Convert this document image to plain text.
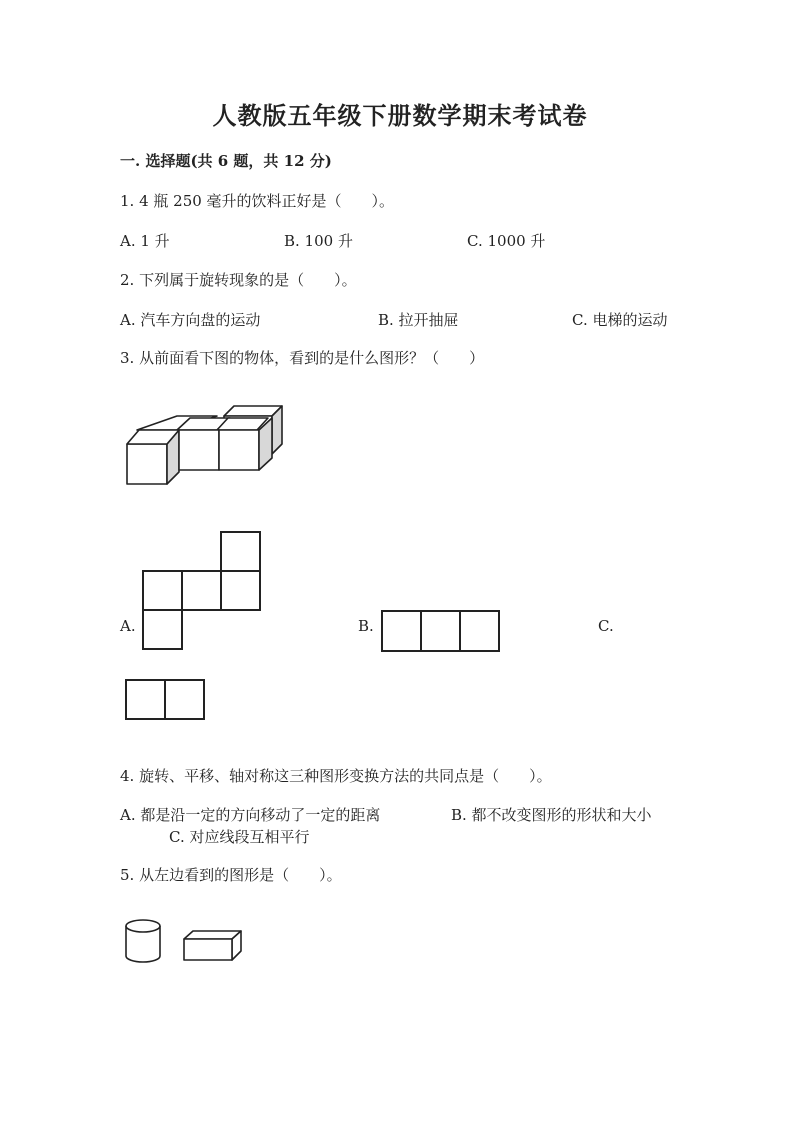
人教版五年级下册数学期末考试卷
一. 选择题(共 6 题，共 12 分)
1. 4 瓶 250 毫升的饮料正好是（　　）。
A. 1 升	B. 100 升	C. 1000 升
2. 下列属于旋转现象的是（　　）。
A. 汽车方向盘的运动	B. 拉开抽屉	C. 电梯的运动
3. 从前面看下图的物体，看到的是什么图形？（　　）
A.	B.	C.
4. 旋转、平移、轴对称这三种图形变换方法的共同点是（　　）。
A. 都是沿一定的方向移动了一定的距离	B. 都不改变图形的形状和大小
C. 对应线段互相平行
5. 从左边看到的图形是（　　）。
